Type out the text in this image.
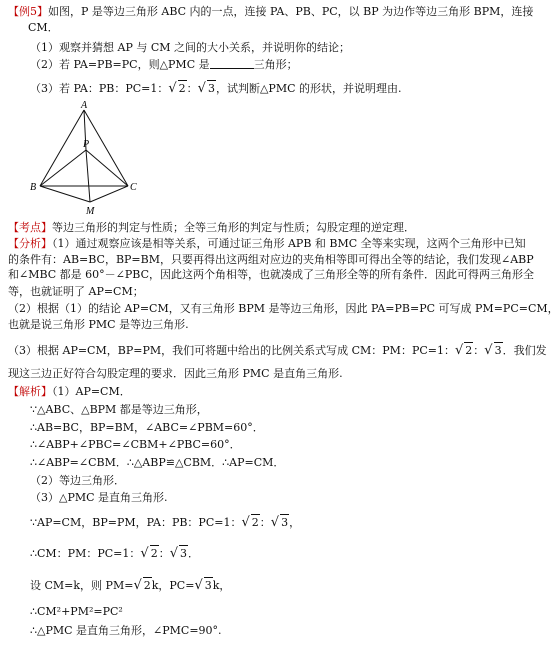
【例5】如图，P 是等边三角形 ABC 内的一点，连接 PA、PB、PC，以 BP 为边作等边三角形 BPM，连接
CM．
（1）观察并猜想 AP 与 CM 之间的大小关系，并说明你的结论；
（2）若 PA=PB=PC，则△PMC 是	三角形；
（3）若 PA：PB：PC=1：√ 2：√ 3，试判断△PMC 的形状，并说明理由.
A
P
B	C
M
【考点】等边三角形的判定与性质；全等三角形的判定与性质；勾股定理的逆定理．
【分析】（1）通过观察应该是相等关系，可通过证三角形 APB 和 BMC 全等来实现，这两个三角形中已知
的条件有：AB=BC，BP=BM，只要再得出这两组对应边的夹角相等即可得出全等的结论，我们发现∠ABP
和∠MBC 都是 60°－∠PBC，因此这两个角相等，也就凑成了三角形全等的所有条件．因此可得两三角形全
等，也就证明了 AP=CM；
（2）根据（1）的结论 AP=CM，又有三角形 BPM 是等边三角形，因此 PA=PB=PC 可写成 PM=PC=CM，
也就是说三角形 PMC 是等边三角形.
（3）根据 AP=CM，BP=PM，我们可将题中给出的比例关系式写成 CM：PM：PC=1：√ 2：√ 3．我们发
现这三边正好符合勾股定理的要求．因此三角形 PMC 是直角三角形.
【解析】（1）AP=CM．
∵△ABC、△BPM 都是等边三角形，
∴AB=BC，BP=BM，∠ABC=∠PBM=60°．
∴∠ABP+∠PBC=∠CBM+∠PBC=60°．
∴∠ABP=∠CBM．∴△ABP≌△CBM．∴AP=CM．
（2）等边三角形．
（3）△PMC 是直角三角形.
∵AP=CM，BP=PM，PA：PB：PC=1：√ 2：√ 3，
∴CM：PM：PC=1：√ 2：√ 3．
设 CM=k，则 PM=√ 2k，PC=√ 3k，
∴CM²+PM²=PC²
∴△PMC 是直角三角形，∠PMC=90°.
